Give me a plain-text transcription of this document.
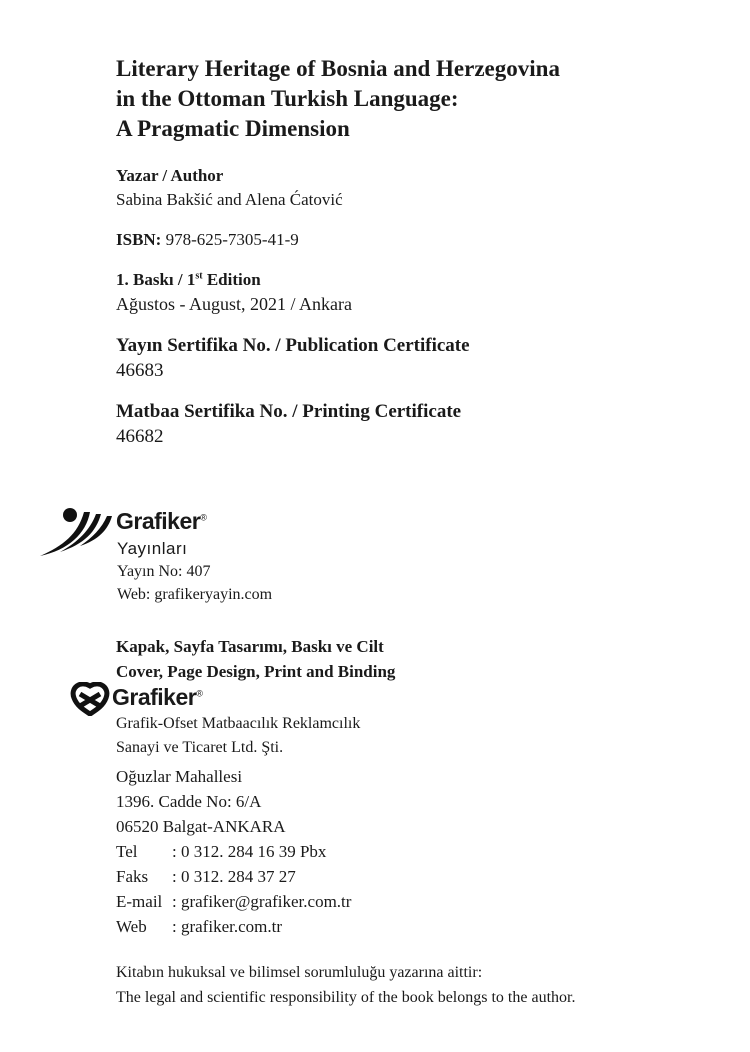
Literary Heritage of Bosnia and Herzegovina
in the Ottoman Turkish Language:
A Pragmatic Dimension
Yazar / Author
Sabina Bakšić and Alena Ćatović
ISBN: 978-625-7305-41-9
1. Baskı / 1st Edition
Ağustos - August, 2021 / Ankara
Yayın Sertifika No. / Publication Certificate
46683
Matbaa Sertifika No. / Printing Certificate
46682
Grafiker®
Yayınları
Yayın No: 407
Web: grafikeryayin.com
Kapak, Sayfa Tasarımı, Baskı ve Cilt
Cover, Page Design, Print and Binding
Grafiker®
Grafik-Ofset Matbaacılık Reklamcılık
Sanayi ve Ticaret Ltd. Şti.
Oğuzlar Mahallesi
1396. Cadde No: 6/A
06520 Balgat-ANKARA
Tel	: 0 312. 284 16 39 Pbx
Faks	: 0 312. 284 37 27
E-mail : grafiker@grafiker.com.tr
Web	: grafiker.com.tr
Kitabın hukuksal ve bilimsel sorumluluğu yazarına aittir:
The legal and scientific responsibility of the book belongs to the author.
